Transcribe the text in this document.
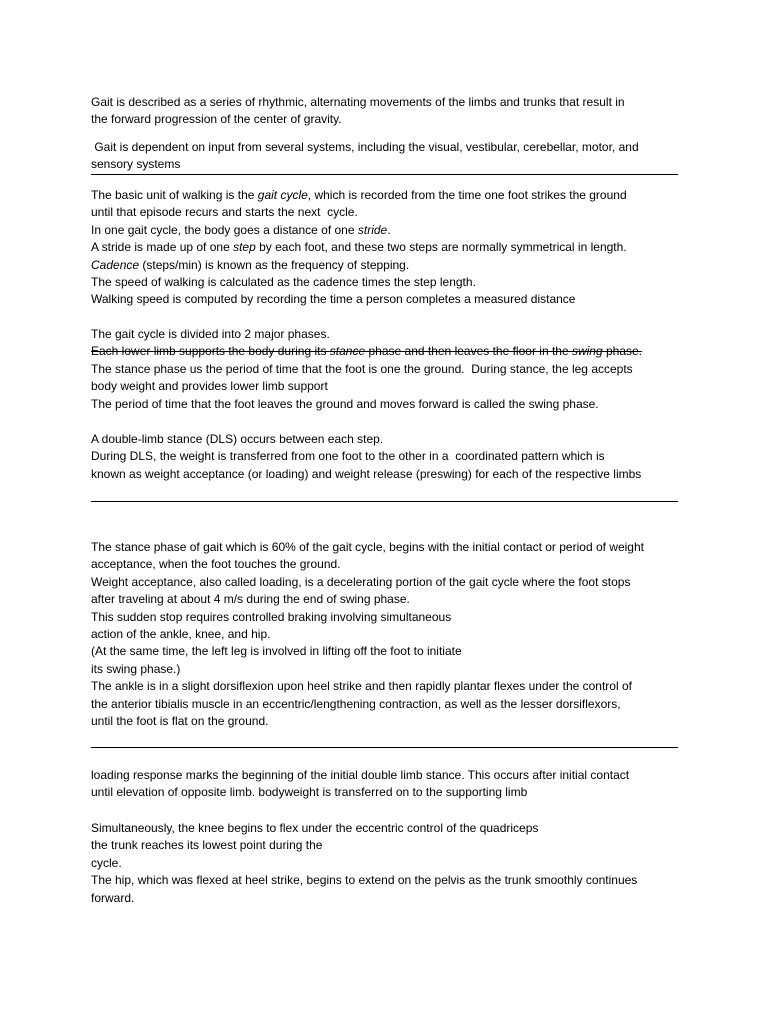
Gait is described as a series of rhythmic, alternating movements of the limbs and trunks that result in
the forward progression of the center of gravity.
Gait is dependent on input from several systems, including the visual, vestibular, cerebellar, motor, and
sensory systems
The basic unit of walking is the gait cycle, which is recorded from the time one foot strikes the ground
until that episode recurs and starts the next  cycle.
In one gait cycle, the body goes a distance of one stride.
A stride is made up of one step by each foot, and these two steps are normally symmetrical in length.
Cadence (steps/min) is known as the frequency of stepping.
The speed of walking is calculated as the cadence times the step length.
Walking speed is computed by recording the time a person completes a measured distance
The gait cycle is divided into 2 major phases.
Each lower limb supports the body during its stance phase and then leaves the floor in the swing phase.
The stance phase us the period of time that the foot is one the ground.  During stance, the leg accepts
body weight and provides lower limb support
The period of time that the foot leaves the ground and moves forward is called the swing phase.
A double-limb stance (DLS) occurs between each step.
During DLS, the weight is transferred from one foot to the other in a  coordinated pattern which is
known as weight acceptance (or loading) and weight release (preswing) for each of the respective limbs
The stance phase of gait which is 60% of the gait cycle, begins with the initial contact or period of weight
acceptance, when the foot touches the ground.
Weight acceptance, also called loading, is a decelerating portion of the gait cycle where the foot stops
after traveling at about 4 m/s during the end of swing phase.
This sudden stop requires controlled braking involving simultaneous
action of the ankle, knee, and hip.
(At the same time, the left leg is involved in lifting off the foot to initiate
its swing phase.)
The ankle is in a slight dorsiflexion upon heel strike and then rapidly plantar flexes under the control of
the anterior tibialis muscle in an eccentric/lengthening contraction, as well as the lesser dorsiflexors,
until the foot is flat on the ground.
loading response marks the beginning of the initial double limb stance. This occurs after initial contact
until elevation of opposite limb. bodyweight is transferred on to the supporting limb
Simultaneously, the knee begins to flex under the eccentric control of the quadriceps
the trunk reaches its lowest point during the
cycle.
The hip, which was flexed at heel strike, begins to extend on the pelvis as the trunk smoothly continues
forward.
